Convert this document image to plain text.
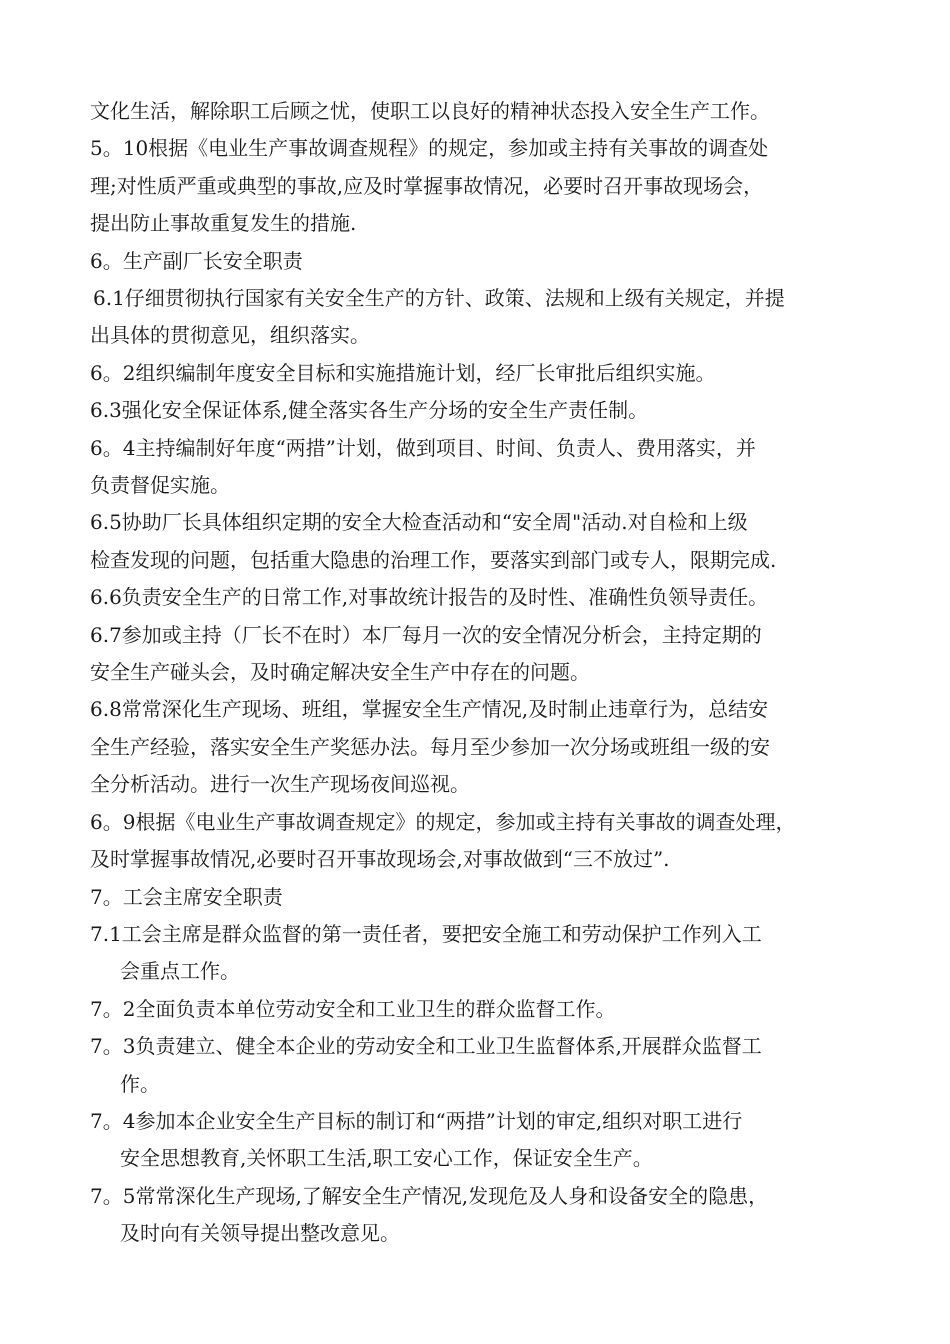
文化生活，解除职工后顾之忧，使职工以良好的精神状态投入安全生产工作。
5。10根据《电业生产事故调查规程》的规定，参加或主持有关事故的调查处
理;对性质严重或典型的事故,应及时掌握事故情况，必要时召开事故现场会，
提出防止事故重复发生的措施.
6。生产副厂长安全职责
6.1仔细贯彻执行国家有关安全生产的方针、政策、法规和上级有关规定，并提
出具体的贯彻意见，组织落实。
6。2组织编制年度安全目标和实施措施计划，经厂长审批后组织实施。
6.3强化安全保证体系,健全落实各生产分场的安全生产责任制。
6。4主持编制好年度“两措”计划，做到项目、时间、负责人、费用落实，并
负责督促实施。
6.5协助厂长具体组织定期的安全大检查活动和“安全周"活动.对自检和上级
检查发现的问题，包括重大隐患的治理工作，要落实到部门或专人，限期完成.
6.6负责安全生产的日常工作,对事故统计报告的及时性、准确性负领导责任。
6.7参加或主持（厂长不在时）本厂每月一次的安全情况分析会，主持定期的
安全生产碰头会，及时确定解决安全生产中存在的问题。
6.8常常深化生产现场、班组，掌握安全生产情况,及时制止违章行为，总结安
全生产经验，落实安全生产奖惩办法。每月至少参加一次分场或班组一级的安
全分析活动。进行一次生产现场夜间巡视。
6。9根据《电业生产事故调查规定》的规定，参加或主持有关事故的调查处理，
及时掌握事故情况,必要时召开事故现场会,对事故做到“三不放过”.
7。工会主席安全职责
7.1工会主席是群众监督的第一责任者，要把安全施工和劳动保护工作列入工
会重点工作。
7。2全面负责本单位劳动安全和工业卫生的群众监督工作。
7。3负责建立、健全本企业的劳动安全和工业卫生监督体系,开展群众监督工
作。
7。4参加本企业安全生产目标的制订和“两措”计划的审定,组织对职工进行
安全思想教育,关怀职工生活,职工安心工作，保证安全生产。
7。5常常深化生产现场,了解安全生产情况,发现危及人身和设备安全的隐患，
及时向有关领导提出整改意见。
